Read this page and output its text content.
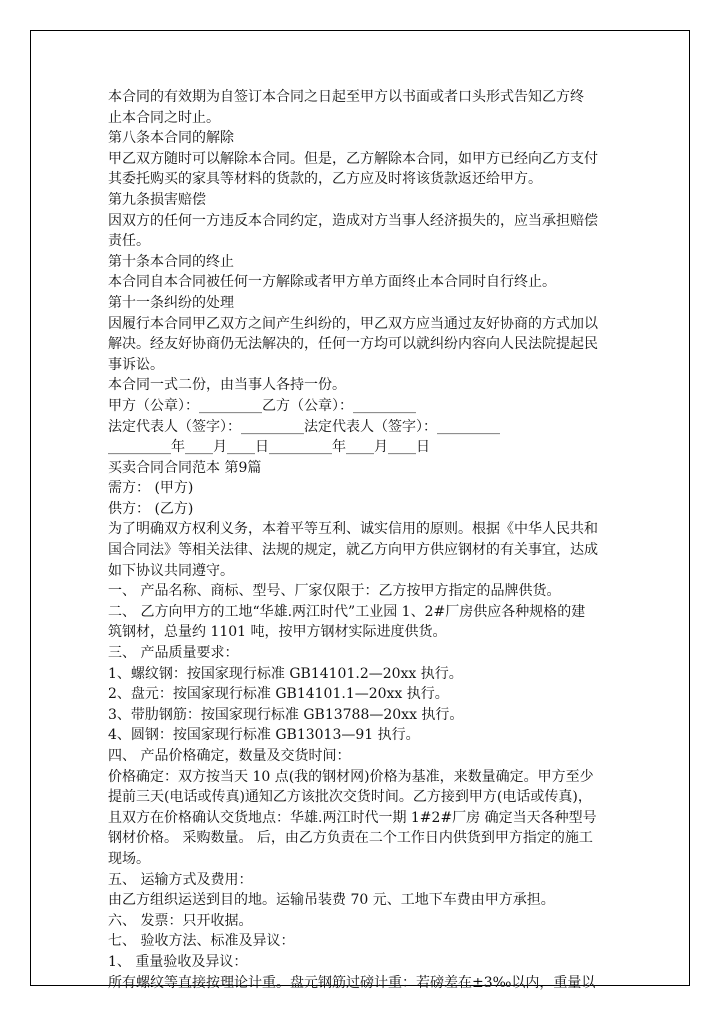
本合同的有效期为自签订本合同之日起至甲方以书面或者口头形式告知乙方终
止本合同之时止。
第八条本合同的解除
甲乙双方随时可以解除本合同。但是，乙方解除本合同，如甲方已经向乙方支付
其委托购买的家具等材料的货款的，乙方应及时将该货款返还给甲方。
第九条损害赔偿
因双方的任何一方违反本合同约定，造成对方当事人经济损失的，应当承担赔偿
责任。
第十条本合同的终止
本合同自本合同被任何一方解除或者甲方单方面终止本合同时自行终止。
第十一条纠纷的处理
因履行本合同甲乙双方之间产生纠纷的，甲乙双方应当通过友好协商的方式加以
解决。经友好协商仍无法解决的，任何一方均可以就纠纷内容向人民法院提起民
事诉讼。
本合同一式二份，由当事人各持一份。
甲方（公章）：_________乙方（公章）：_________
法定代表人（签字）：_________法定代表人（签字）：_________
_________年____月____日_________年____月____日
买卖合同合同范本 第9篇
需方： (甲方)
供方： (乙方)
为了明确双方权利义务，本着平等互利、诚实信用的原则。根据《中华人民共和
国合同法》等相关法律、法规的规定，就乙方向甲方供应钢材的有关事宜，达成
如下协议共同遵守。
一、 产品名称、商标、型号、厂家仅限于：乙方按甲方指定的品牌供货。
二、 乙方向甲方的工地“华雄.两江时代”工业园 1、2#厂房供应各种规格的建
筑钢材，总量约 1101 吨，按甲方钢材实际进度供货。
三、 产品质量要求：
1、螺纹钢：按国家现行标准 GB14101.2—20xx 执行。
2、盘元：按国家现行标准 GB14101.1—20xx 执行。
3、带肋钢筋：按国家现行标准 GB13788—20xx 执行。
4、圆钢：按国家现行标准 GB13013—91 执行。
四、 产品价格确定，数量及交货时间：
价格确定：双方按当天 10 点(我的钢材网)价格为基准，来数量确定。甲方至少
提前三天(电话或传真)通知乙方该批次交货时间。乙方接到甲方(电话或传真)，
且双方在价格确认交货地点：华雄.两江时代一期 1#2#厂房 确定当天各种型号
钢材价格。 采购数量。 后，由乙方负责在二个工作日内供货到甲方指定的施工
现场。
五、 运输方式及费用：
由乙方组织运送到目的地。运输吊装费 70 元、工地下车费由甲方承担。
六、 发票：只开收据。
七、 验收方法、标准及异议：
1、 重量验收及异议：
所有螺纹等直接按理论计重。盘元钢筋过磅计重：若磅差在±3‰以内，重量以
